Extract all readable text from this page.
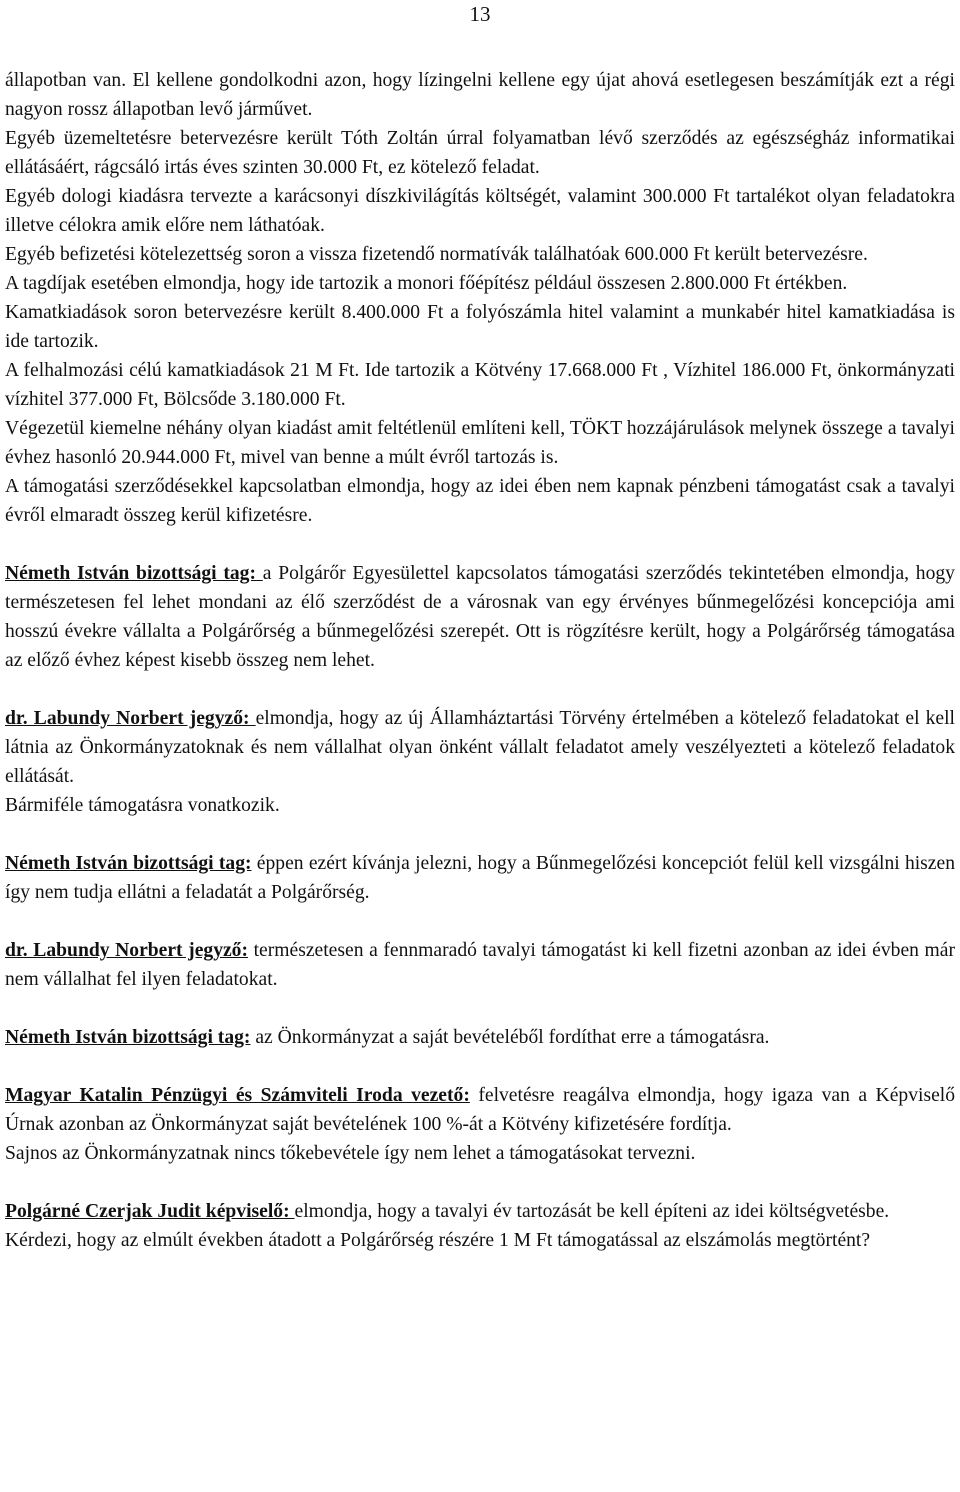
13

állapotban van. El kellene gondolkodni azon, hogy lízingelni kellene egy újat ahová esetlegesen beszámítják ezt a régi nagyon rossz állapotban levő járművet.

Egyéb üzemeltetésre betervezésre került Tóth Zoltán úrral folyamatban lévő szerződés az egészségház informatikai ellátásáért, rágcsáló irtás éves szinten 30.000 Ft, ez kötelező feladat.

Egyéb dologi kiadásra tervezte a karácsonyi díszkivilágítás költségét, valamint 300.000 Ft tartalékot olyan feladatokra illetve célokra amik előre nem láthatóak.

Egyéb befizetési kötelezettség soron a vissza fizetendő normatívák találhatóak 600.000 Ft került betervezésre.

A tagdíjak esetében elmondja, hogy ide tartozik a monori főépítész például összesen 2.800.000 Ft értékben.

Kamatkiadások soron betervezésre került 8.400.000 Ft a folyószámla hitel valamint a munkabér hitel kamatkiadása is ide tartozik.

A felhalmozási célú kamatkiadások 21 M Ft. Ide tartozik a Kötvény 17.668.000 Ft , Vízhitel 186.000 Ft, önkormányzati vízhitel 377.000 Ft, Bölcsőde 3.180.000 Ft.

Végezetül kiemelne néhány olyan kiadást amit feltétlenül említeni kell, TÖKT hozzájárulások melynek összege a tavalyi évhez hasonló 20.944.000 Ft, mivel van benne a múlt évről tartozás is.

A támogatási szerződésekkel kapcsolatban elmondja, hogy az idei ében nem kapnak pénzbeni támogatást csak a tavalyi évről elmaradt összeg kerül kifizetésre.

Németh István bizottsági tag: a Polgárőr Egyesülettel kapcsolatos támogatási szerződés tekintetében elmondja, hogy természetesen fel lehet mondani az élő szerződést de a városnak van egy érvényes bűnmegelőzési koncepciója ami hosszú évekre vállalta a Polgárőrség a bűnmegelőzési szerepét. Ott is rögzítésre került, hogy a Polgárőrség támogatása az előző évhez képest kisebb összeg nem lehet.

dr. Labundy Norbert jegyző: elmondja, hogy az új Államháztartási Törvény értelmében a kötelező feladatokat el kell látnia az Önkormányzatoknak és nem vállalhat olyan önként vállalt feladatot amely veszélyezteti a kötelező feladatok ellátását.

Bármiféle támogatásra vonatkozik.

Németh István bizottsági tag: éppen ezért kívánja jelezni, hogy a Bűnmegelőzési koncepciót felül kell vizsgálni hiszen így nem tudja ellátni a feladatát a Polgárőrség.

dr. Labundy Norbert jegyző: természetesen a fennmaradó tavalyi támogatást ki kell fizetni azonban az idei évben már nem vállalhat fel ilyen feladatokat.

Németh István bizottsági tag: az Önkormányzat a saját bevételéből fordíthat erre a támogatásra.

Magyar Katalin Pénzügyi és Számviteli Iroda vezető: felvetésre reagálva elmondja, hogy igaza van a Képviselő Úrnak azonban az Önkormányzat saját bevételének 100 %-át a Kötvény kifizetésére fordítja.

Sajnos az Önkormányzatnak nincs tőkebevétele így nem lehet a támogatásokat tervezni.

Polgárné Czerjak Judit képviselő: elmondja, hogy a tavalyi év tartozását be kell építeni az idei költségvetésbe.

Kérdezi, hogy az elmúlt években átadott a Polgárőrség részére 1 M Ft támogatással az elszámolás megtörtént?
